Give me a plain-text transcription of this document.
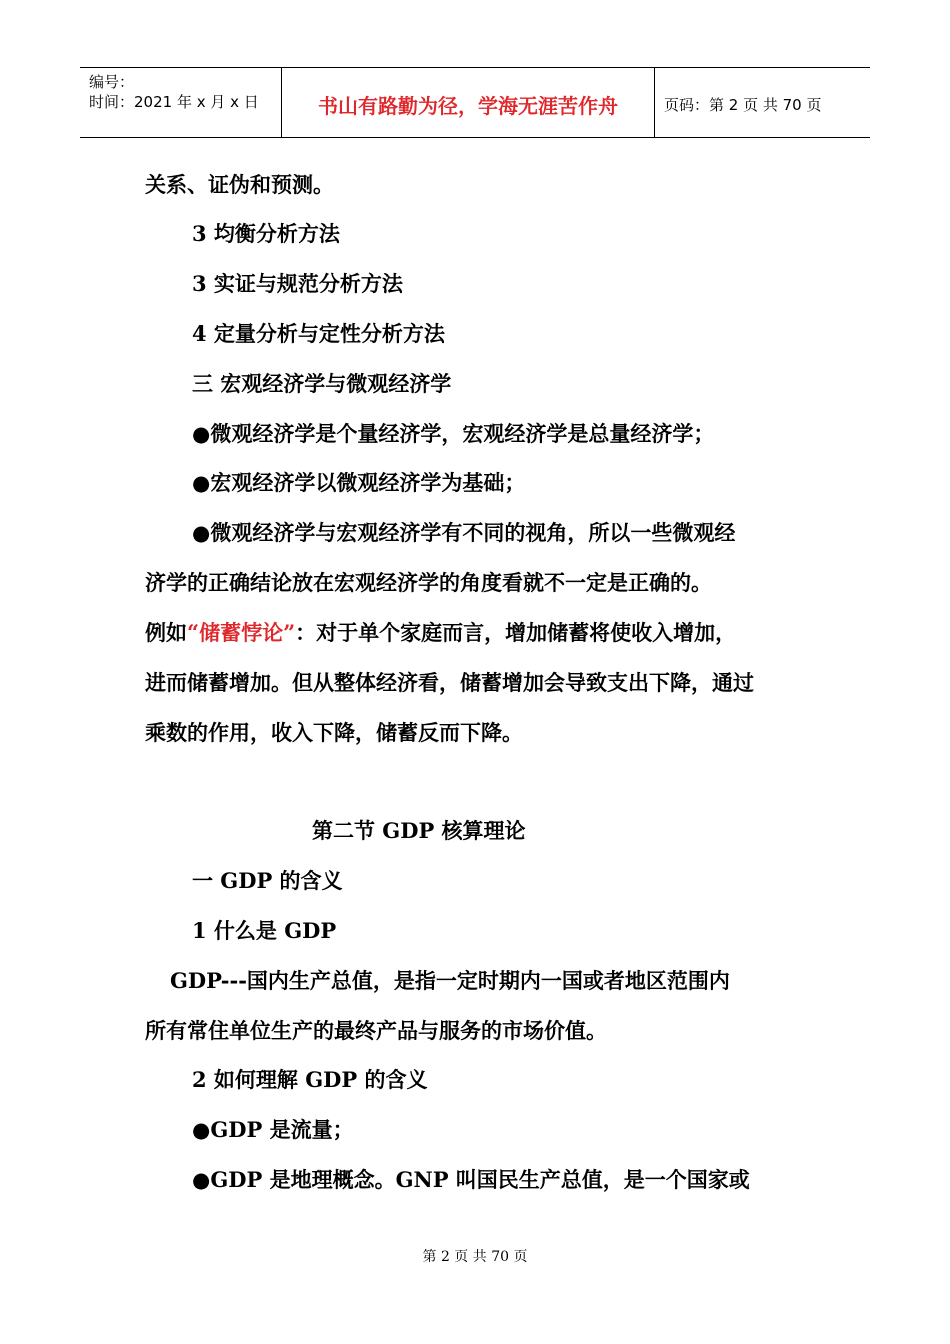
编号：
时间：2021 年 x 月 x 日	书山有路勤为径，学海无涯苦作舟	页码：第 2 页 共 70 页
关系、证伪和预测。
3 均衡分析方法
3 实证与规范分析方法
4 定量分析与定性分析方法
三 宏观经济学与微观经济学
●微观经济学是个量经济学，宏观经济学是总量经济学；
●宏观经济学以微观经济学为基础；
●微观经济学与宏观经济学有不同的视角，所以一些微观经
济学的正确结论放在宏观经济学的角度看就不一定是正确的。
例如“储蓄悖论”：对于单个家庭而言，增加储蓄将使收入增加，
进而储蓄增加。但从整体经济看，储蓄增加会导致支出下降，通过
乘数的作用，收入下降，储蓄反而下降。
第二节 GDP 核算理论
一 GDP 的含义
1 什么是 GDP
GDP---国内生产总值，是指一定时期内一国或者地区范围内
所有常住单位生产的最终产品与服务的市场价值。
2 如何理解 GDP 的含义
●GDP 是流量；
●GDP 是地理概念。GNP 叫国民生产总值，是一个国家或
第 2 页 共 70 页
